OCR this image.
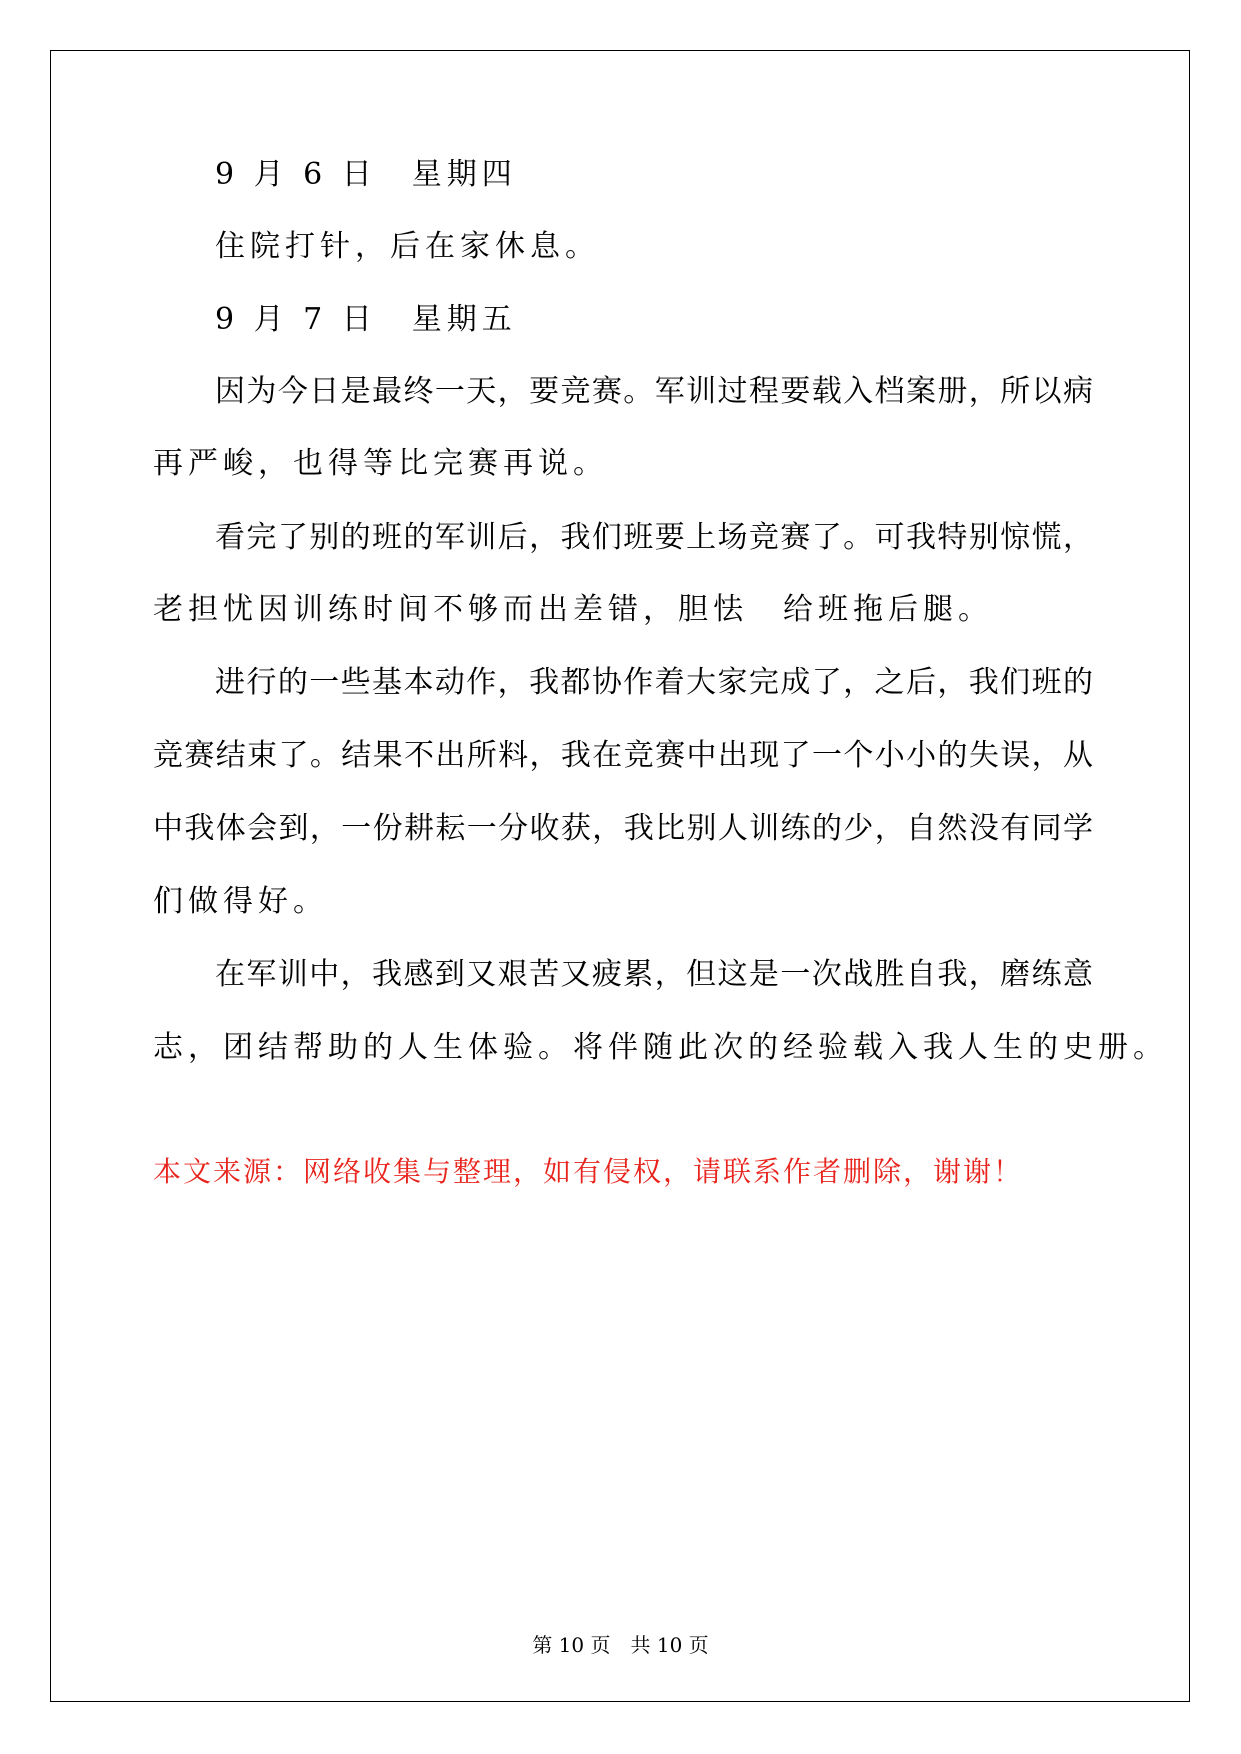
9 月 6 日　星期四
住院打针，后在家休息。
9 月 7 日　星期五
因为今日是最终一天，要竞赛。军训过程要载入档案册，所以病
再严峻，也得等比完赛再说。
看完了别的班的军训后，我们班要上场竞赛了。可我特别惊慌，
老担忧因训练时间不够而出差错，胆怯　给班拖后腿。
进行的一些基本动作，我都协作着大家完成了，之后，我们班的
竞赛结束了。结果不出所料，我在竞赛中出现了一个小小的失误，从
中我体会到，一份耕耘一分收获，我比别人训练的少，自然没有同学
们做得好。
在军训中，我感到又艰苦又疲累，但这是一次战胜自我，磨练意
志，团结帮助的人生体验。将伴随此次的经验载入我人生的史册。
本文来源：网络收集与整理，如有侵权，请联系作者删除，谢谢！
第 10 页　共 10 页
